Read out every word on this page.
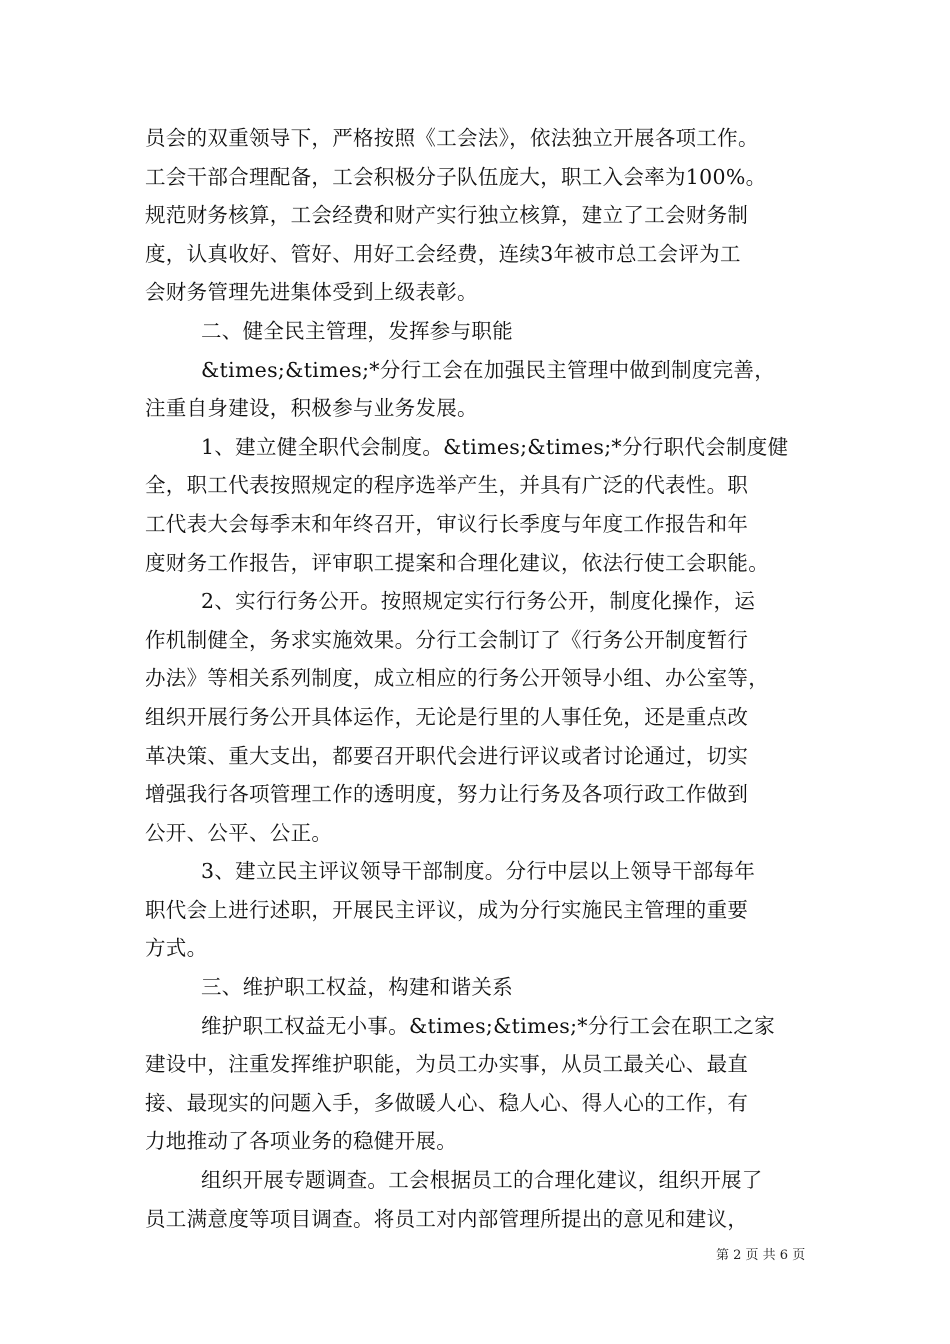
员会的双重领导下，严格按照《工会法》，依法独立开展各项工作。
工会干部合理配备，工会积极分子队伍庞大，职工入会率为100%。
规范财务核算，工会经费和财产实行独立核算，建立了工会财务制
度，认真收好、管好、用好工会经费，连续3年被市总工会评为工
会财务管理先进集体受到上级表彰。
二、健全民主管理，发挥参与职能
&times;&times;*分行工会在加强民主管理中做到制度完善，
注重自身建设，积极参与业务发展。
1、建立健全职代会制度。&times;&times;*分行职代会制度健
全，职工代表按照规定的程序选举产生，并具有广泛的代表性。职
工代表大会每季末和年终召开，审议行长季度与年度工作报告和年
度财务工作报告，评审职工提案和合理化建议，依法行使工会职能。
2、实行行务公开。按照规定实行行务公开，制度化操作，运
作机制健全，务求实施效果。分行工会制订了《行务公开制度暂行
办法》等相关系列制度，成立相应的行务公开领导小组、办公室等，
组织开展行务公开具体运作，无论是行里的人事任免，还是重点改
革决策、重大支出，都要召开职代会进行评议或者讨论通过，切实
增强我行各项管理工作的透明度，努力让行务及各项行政工作做到
公开、公平、公正。
3、建立民主评议领导干部制度。分行中层以上领导干部每年
职代会上进行述职，开展民主评议，成为分行实施民主管理的重要
方式。
三、维护职工权益，构建和谐关系
维护职工权益无小事。&times;&times;*分行工会在职工之家
建设中，注重发挥维护职能，为员工办实事，从员工最关心、最直
接、最现实的问题入手，多做暖人心、稳人心、得人心的工作，有
力地推动了各项业务的稳健开展。
组织开展专题调查。工会根据员工的合理化建议，组织开展了
员工满意度等项目调查。将员工对内部管理所提出的意见和建议，
第 2 页 共 6 页
